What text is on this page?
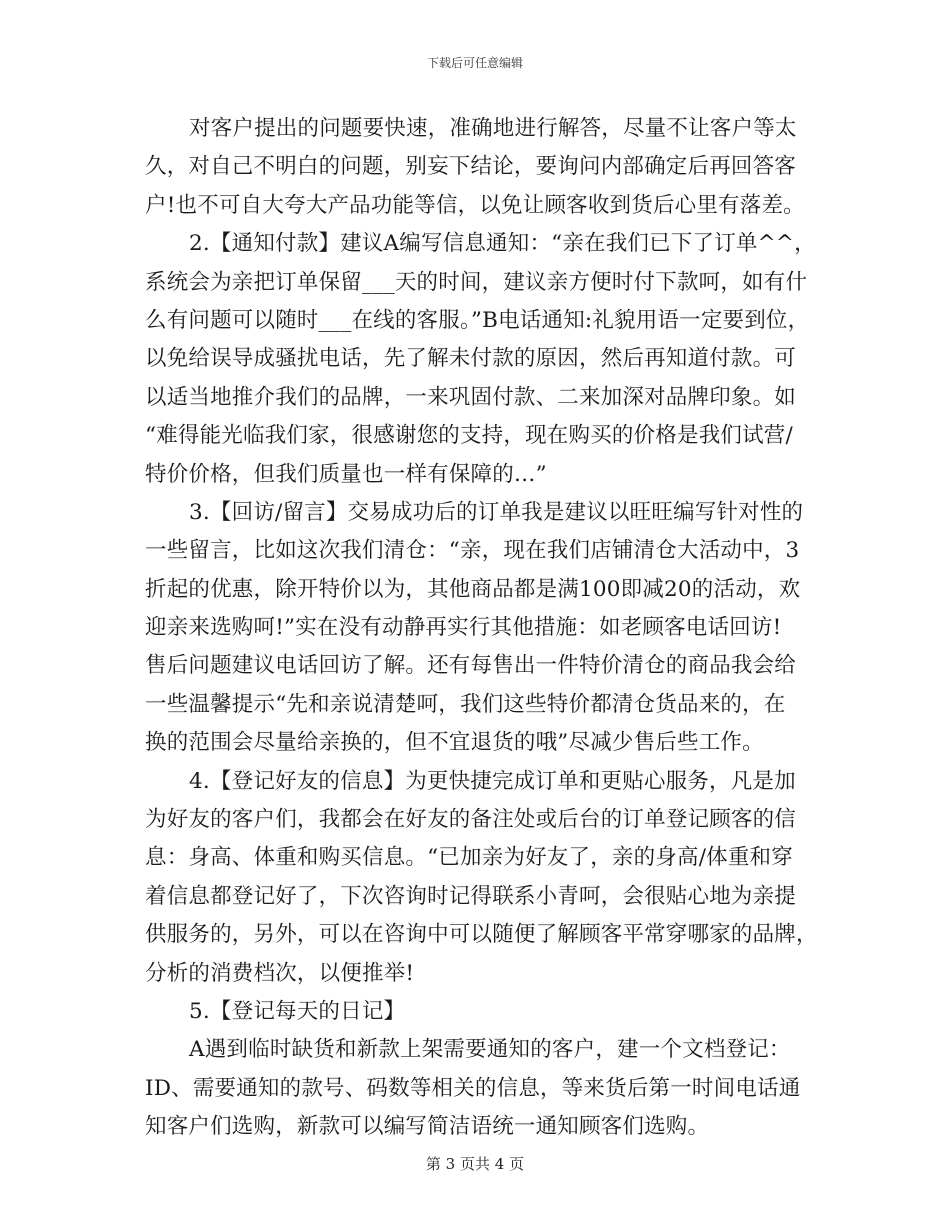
下载后可任意编辑
对客户提出的问题要快速，准确地进行解答，尽量不让客户等太
久，对自己不明白的问题，别妄下结论，要询问内部确定后再回答客
户!也不可自大夸大产品功能等信，以免让顾客收到货后心里有落差。
2.【通知付款】建议A编写信息通知：“亲在我们已下了订单^^，
系统会为亲把订单保留___天的时间，建议亲方便时付下款呵，如有什
么有问题可以随时___在线的客服。”B电话通知:礼貌用语一定要到位，
以免给误导成骚扰电话，先了解未付款的原因，然后再知道付款。可
以适当地推介我们的品牌，一来巩固付款、二来加深对品牌印象。如
“难得能光临我们家，很感谢您的支持，现在购买的价格是我们试营/
特价价格，但我们质量也一样有保障的…”
3.【回访/留言】交易成功后的订单我是建议以旺旺编写针对性的
一些留言，比如这次我们清仓：“亲，现在我们店铺清仓大活动中，3
折起的优惠，除开特价以为，其他商品都是满100即减20的活动，欢
迎亲来选购呵!”实在没有动静再实行其他措施：如老顾客电话回访!
售后问题建议电话回访了解。还有每售出一件特价清仓的商品我会给
一些温馨提示“先和亲说清楚呵，我们这些特价都清仓货品来的，在
换的范围会尽量给亲换的，但不宜退货的哦”尽减少售后些工作。
4.【登记好友的信息】为更快捷完成订单和更贴心服务，凡是加
为好友的客户们，我都会在好友的备注处或后台的订单登记顾客的信
息：身高、体重和购买信息。“已加亲为好友了，亲的身高/体重和穿
着信息都登记好了，下次咨询时记得联系小青呵，会很贴心地为亲提
供服务的，另外，可以在咨询中可以随便了解顾客平常穿哪家的品牌，
分析的消费档次，以便推举!
5.【登记每天的日记】
A遇到临时缺货和新款上架需要通知的客户，建一个文档登记：
ID、需要通知的款号、码数等相关的信息，等来货后第一时间电话通
知客户们选购，新款可以编写简洁语统一通知顾客们选购。
第 3 页共 4 页
